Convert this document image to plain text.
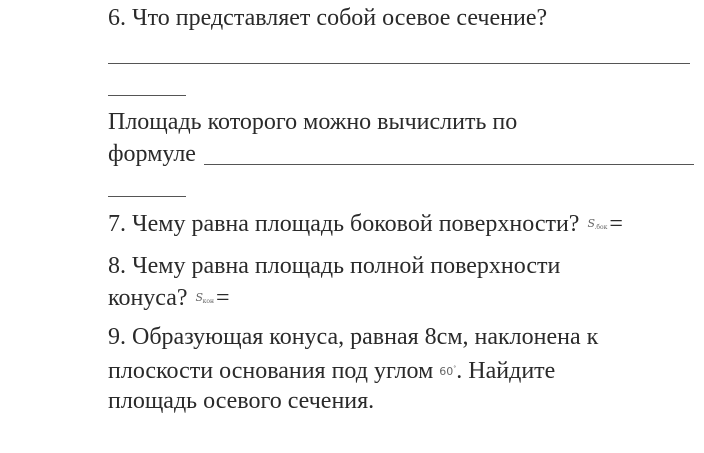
6. Что представляет собой осевое сечение?
Площадь которого можно вычислить по
формуле
7. Чему равна площадь боковой поверхности? $S_{.бок}=$
8. Чему равна площадь полной поверхности
конуса? $S_{кон}=$
9. Образующая конуса, равная 8см, наклонена к
плоскости основания под углом 60°. Найдите
площадь осевого сечения.
